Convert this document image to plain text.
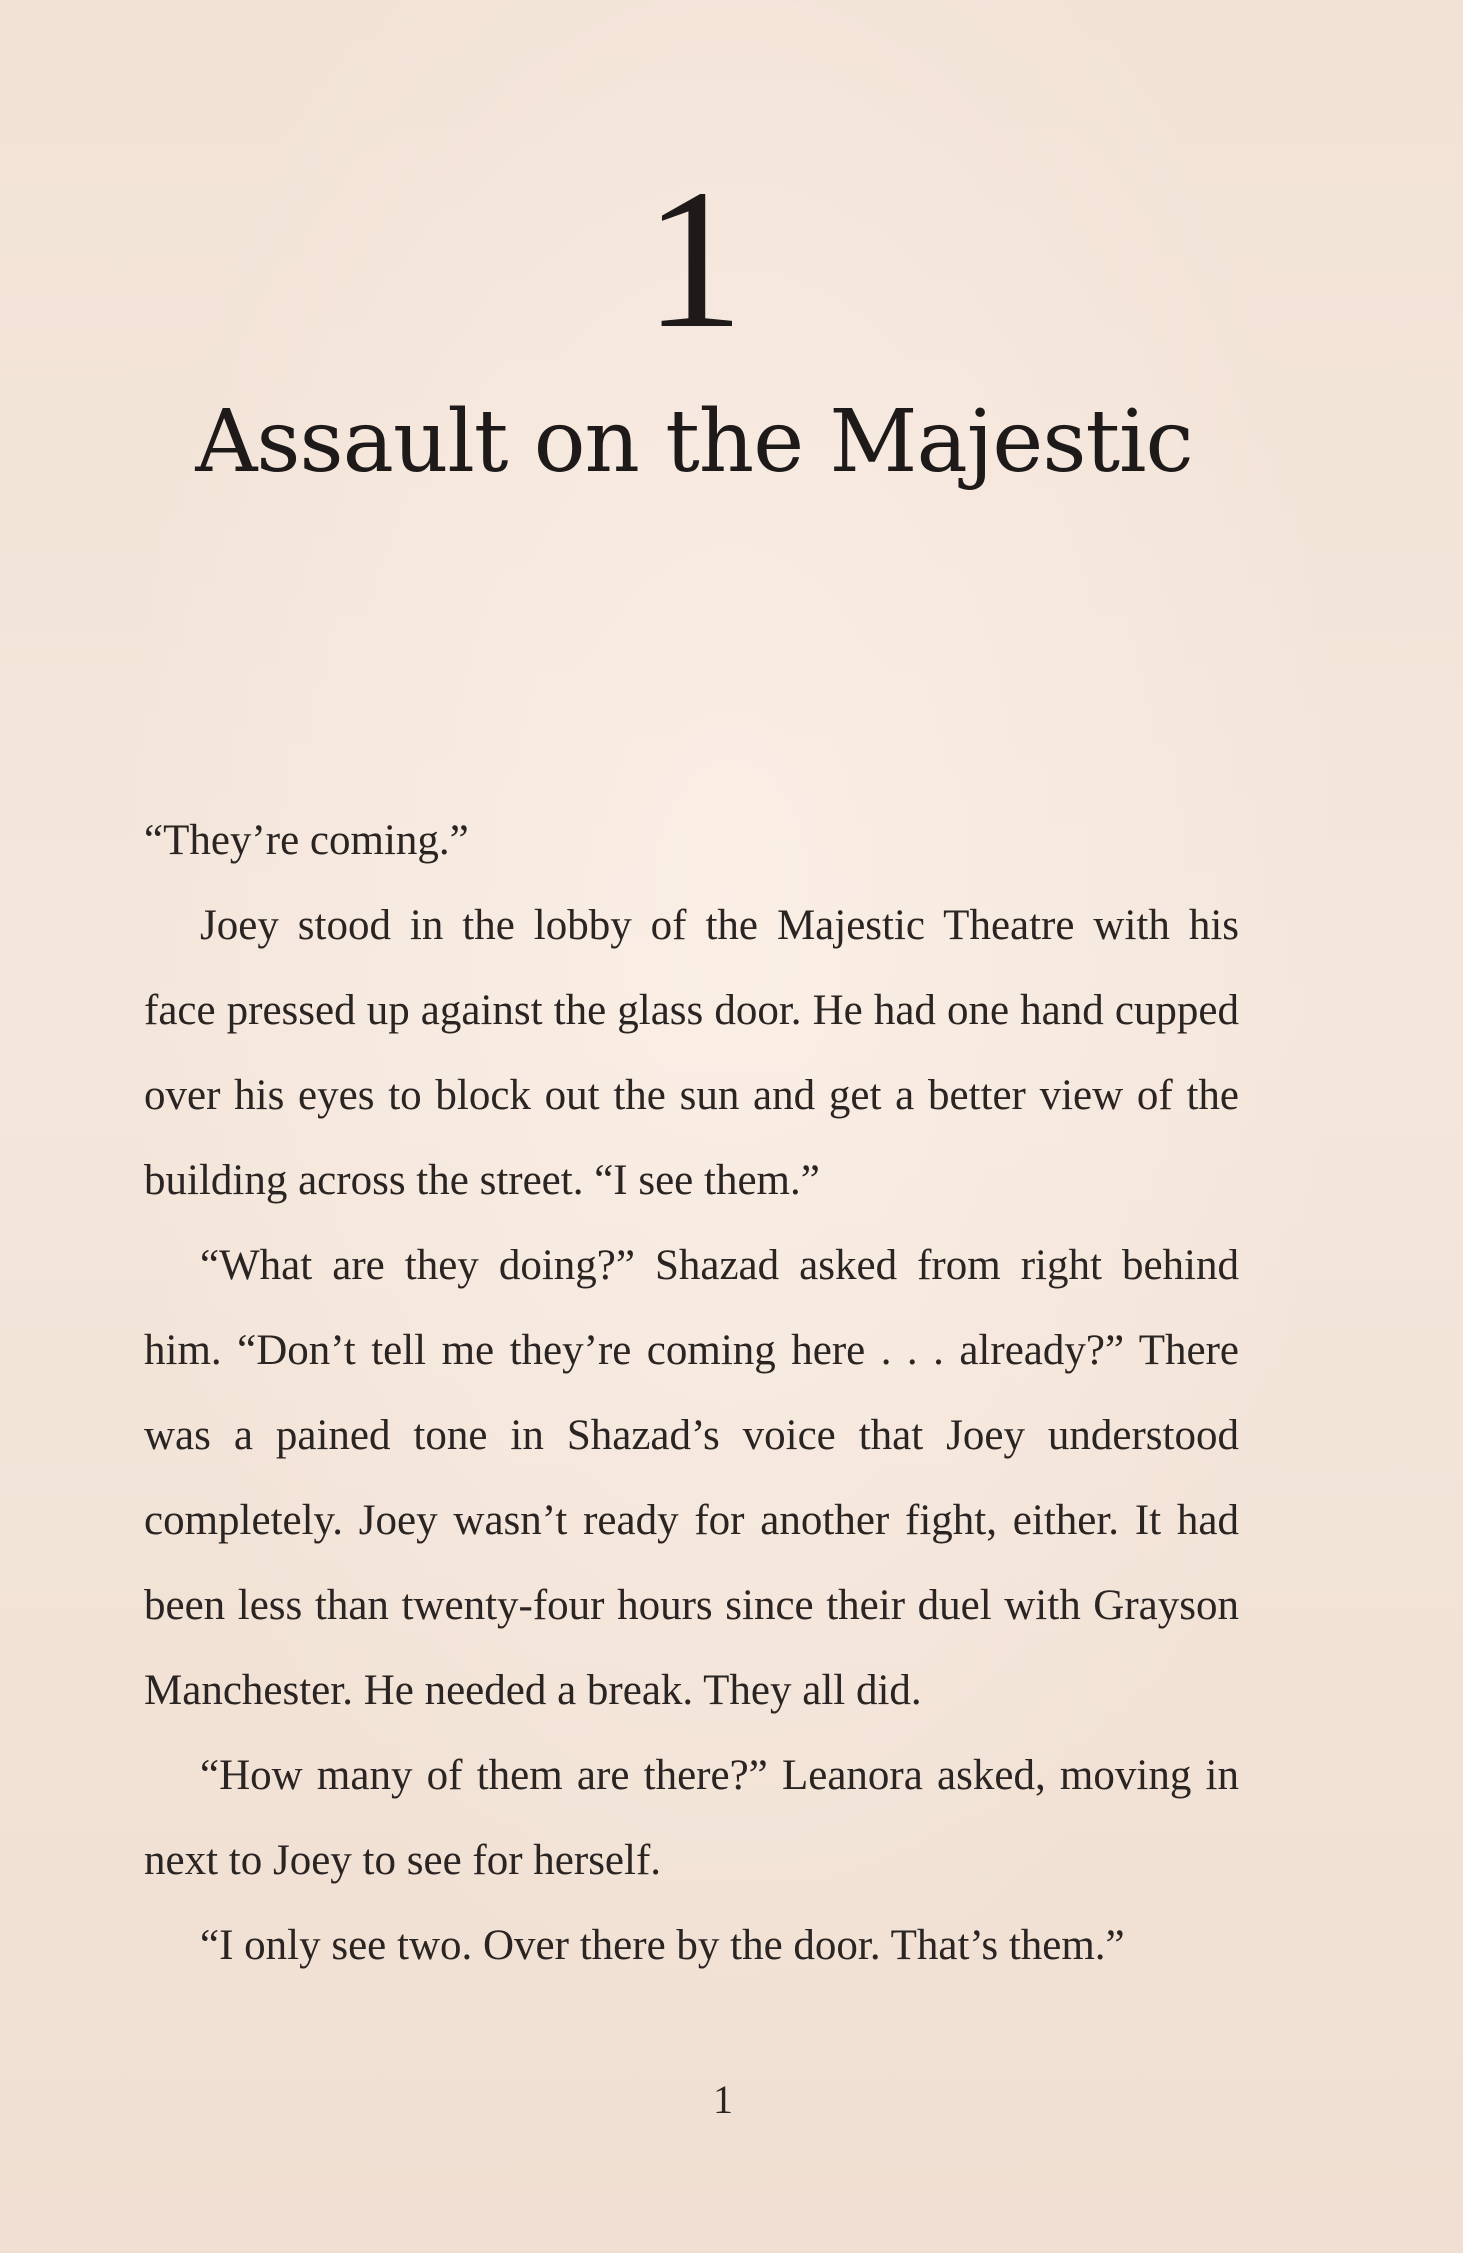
1
Assault on the Majestic

“They’re coming.”

Joey stood in the lobby of the Majestic Theatre with his face pressed up against the glass door. He had one hand cupped over his eyes to block out the sun and get a better view of the building across the street. “I see them.”

“What are they doing?” Shazad asked from right behind him. “Don’t tell me they’re coming here . . . already?” There was a pained tone in Shazad’s voice that Joey understood completely. Joey wasn’t ready for another fight, either. It had been less than twenty-four hours since their duel with Grayson Manchester. He needed a break. They all did.

“How many of them are there?” Leanora asked, moving in next to Joey to see for herself.

“I only see two. Over there by the door. That’s them.”

1
